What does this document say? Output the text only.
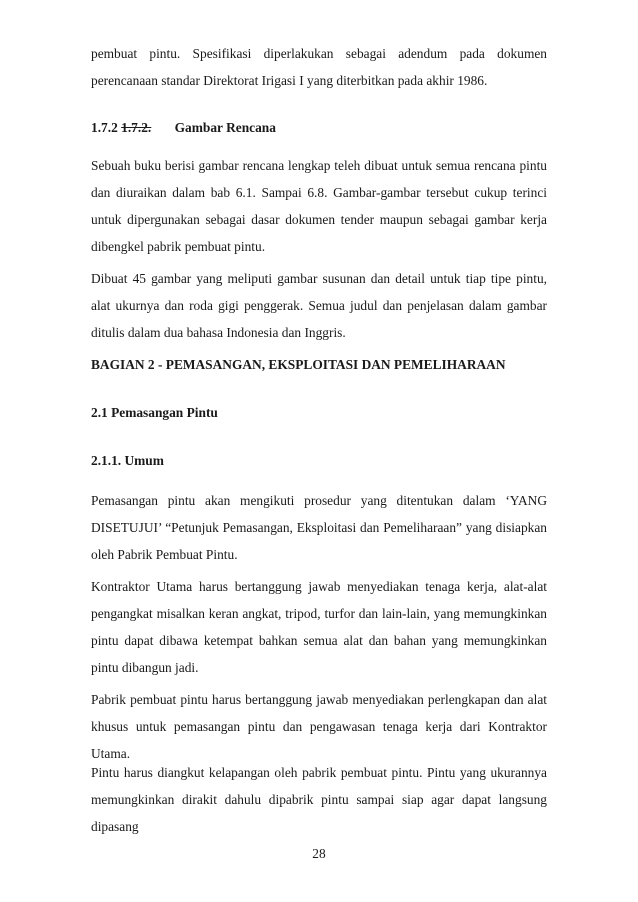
pembuat pintu. Spesifikasi diperlakukan sebagai adendum pada dokumen perencanaan standar Direktorat Irigasi I yang diterbitkan pada akhir 1986.

1.7.2 1.7.2. Gambar Rencana

Sebuah buku berisi gambar rencana lengkap teleh dibuat untuk semua rencana pintu dan diuraikan dalam bab 6.1. Sampai 6.8. Gambar-gambar tersebut cukup terinci untuk dipergunakan sebagai dasar dokumen tender maupun sebagai gambar kerja dibengkel pabrik pembuat pintu.

Dibuat 45 gambar yang meliputi gambar susunan dan detail untuk tiap tipe pintu, alat ukurnya dan roda gigi penggerak. Semua judul dan penjelasan dalam gambar ditulis dalam dua bahasa Indonesia dan Inggris.

BAGIAN 2 - PEMASANGAN, EKSPLOITASI DAN PEMELIHARAAN
2.1 Pemasangan Pintu
2.1.1. Umum

Pemasangan pintu akan mengikuti prosedur yang ditentukan dalam ‘YANG DISETUJUI’ “Petunjuk Pemasangan, Eksploitasi dan Pemeliharaan” yang disiapkan oleh Pabrik Pembuat Pintu.

Kontraktor Utama harus bertanggung jawab menyediakan tenaga kerja, alat-alat pengangkat misalkan keran angkat, tripod, turfor dan lain-lain, yang memungkinkan pintu dapat dibawa ketempat bahkan semua alat dan bahan yang memungkinkan pintu dibangun jadi.

Pabrik pembuat pintu harus bertanggung jawab menyediakan perlengkapan dan alat khusus untuk pemasangan pintu dan pengawasan tenaga kerja dari Kontraktor Utama.

Pintu harus diangkut kelapangan oleh pabrik pembuat pintu. Pintu yang ukurannya memungkinkan dirakit dahulu dipabrik pintu sampai siap agar dapat langsung dipasang

28
